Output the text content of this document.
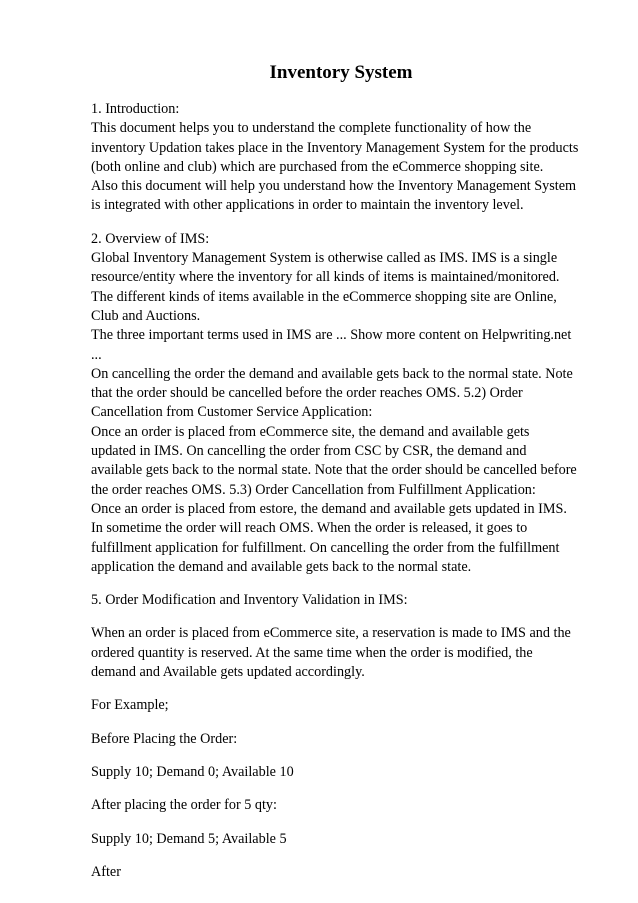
Inventory System

1. Introduction:
This document helps you to understand the complete functionality of how the
inventory Updation takes place in the Inventory Management System for the products
(both online and club) which are purchased from the eCommerce shopping site.
Also this document will help you understand how the Inventory Management System
is integrated with other applications in order to maintain the inventory level.

2. Overview of IMS:
Global Inventory Management System is otherwise called as IMS. IMS is a single
resource/entity where the inventory for all kinds of items is maintained/monitored.
The different kinds of items available in the eCommerce shopping site are Online,
Club and Auctions.
The three important terms used in IMS are ... Show more content on Helpwriting.net
...
On cancelling the order the demand and available gets back to the normal state. Note
that the order should be cancelled before the order reaches OMS. 5.2) Order
Cancellation from Customer Service Application:
Once an order is placed from eCommerce site, the demand and available gets
updated in IMS. On cancelling the order from CSC by CSR, the demand and
available gets back to the normal state. Note that the order should be cancelled before
the order reaches OMS. 5.3) Order Cancellation from Fulfillment Application:
Once an order is placed from estore, the demand and available gets updated in IMS.
In sometime the order will reach OMS. When the order is released, it goes to
fulfillment application for fulfillment. On cancelling the order from the fulfillment
application the demand and available gets back to the normal state.

5. Order Modification and Inventory Validation in IMS:

When an order is placed from eCommerce site, a reservation is made to IMS and the
ordered quantity is reserved. At the same time when the order is modified, the
demand and Available gets updated accordingly.

For Example;

Before Placing the Order:

Supply 10; Demand 0; Available 10

After placing the order for 5 qty:

Supply 10; Demand 5; Available 5

After
